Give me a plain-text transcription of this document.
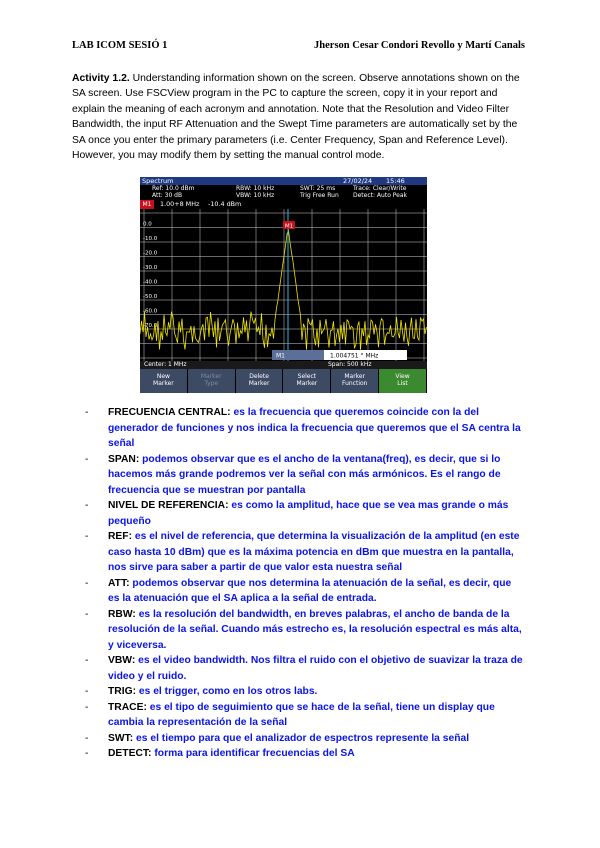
LAB ICOM SESIÓ 1	Jherson Cesar Condori Revollo y Martí Canals

Activity 1.2. Understanding information shown on the screen. Observe annotations shown on the SA screen. Use FSCView program in the PC to capture the screen, copy it in your report and explain the meaning of each acronym and annotation. Note that the Resolution and Video Filter Bandwidth, the input RF Attenuation and the Swept Time parameters are automatically set by the SA once you enter the primary parameters (i.e. Center Frequency, Span and Reference Level). However, you may modify them by setting the manual control mode.

Spectrum	27/02/24 15:46
Ref: 10.0 dBm
Att: 30 dB
RBW: 10 kHz
VBW: 10 kHz
SWT: 25 ms
Trig Free Run
Trace: Clear/Write
Detect: Auto Peak
M1	1.00+8 MHz -10.4 dBm
0.0
-10.0
-20.0
-30.0
-40.0
-50.0
-60.0
-70.0
M1
M1	1.004751 ° MHz
Center: 1 MHz	Span: 500 kHz
New
Marker
Marker
Type
Delete
Marker
Select
Marker
Marker
Function
View
List
- FRECUENCIA CENTRAL: es la frecuencia que queremos coincide con la del generador de funciones y nos indica la frecuencia que queremos que el SA centra la señal
- SPAN: podemos observar que es el ancho de la ventana(freq), es decir, que si lo hacemos más grande podremos ver la señal con más armónicos. Es el rango de frecuencia que se muestran por pantalla
- NIVEL DE REFERENCIA: es como la amplitud, hace que se vea mas grande o más pequeño
- REF: es el nivel de referencia, que determina la visualización de la amplitud (en este caso hasta 10 dBm) que es la máxima potencia en dBm que muestra en la pantalla, nos sirve para saber a partir de que valor esta nuestra señal
- ATT: podemos observar que nos determina la atenuación de la señal, es decir, que es la atenuación que el SA aplica a la señal de entrada.
- RBW: es la resolución del bandwidth, en breves palabras, el ancho de banda de la resolución de la señal. Cuando más estrecho es, la resolución espectral es más alta, y viceversa.
- VBW: es el video bandwidth. Nos filtra el ruido con el objetivo de suavizar la traza de video y el ruido.
- TRIG: es el trigger, como en los otros labs.
- TRACE: es el tipo de seguimiento que se hace de la señal, tiene un display que cambia la representación de la señal
- SWT: es el tiempo para que el analizador de espectros represente la señal
- DETECT: forma para identificar frecuencias del SA
